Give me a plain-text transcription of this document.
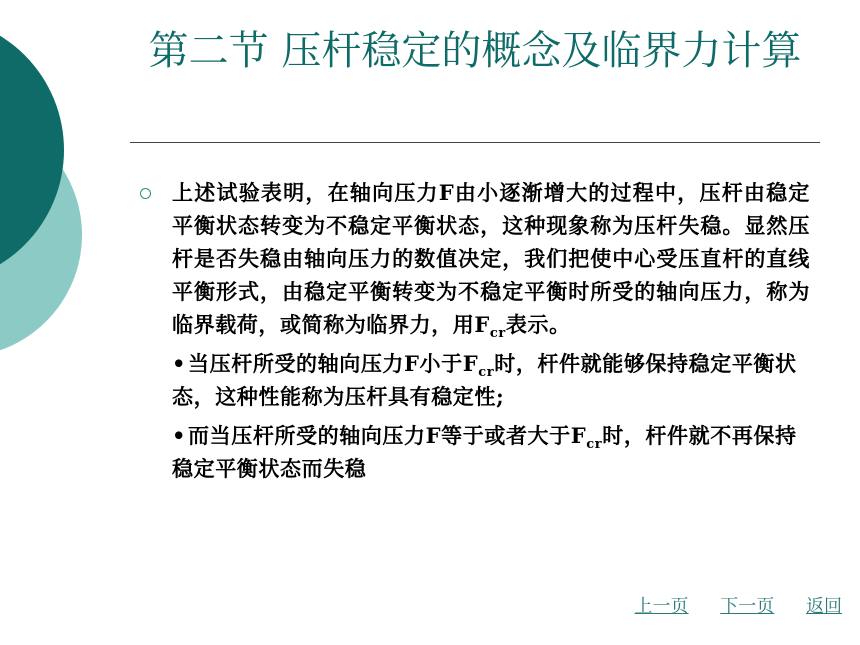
第二节 压杆稳定的概念及临界力计算

上述试验表明，在轴向压力F由小逐渐增大的过程中，压杆由稳定平衡状态转变为不稳定平衡状态，这种现象称为压杆失稳。显然压杆是否失稳由轴向压力的数值决定，我们把使中心受压直杆的直线平衡形式，由稳定平衡转变为不稳定平衡时所受的轴向压力，称为临界载荷，或简称为临界力，用$F_{cr}$表示。

•当压杆所受的轴向压力F小于$F_{cr}$时，杆件就能够保持稳定平衡状态，这种性能称为压杆具有稳定性;

•而当压杆所受的轴向压力F等于或者大于$F_{cr}$时，杆件就不再保持稳定平衡状态而失稳

上一页 下一页 返回
